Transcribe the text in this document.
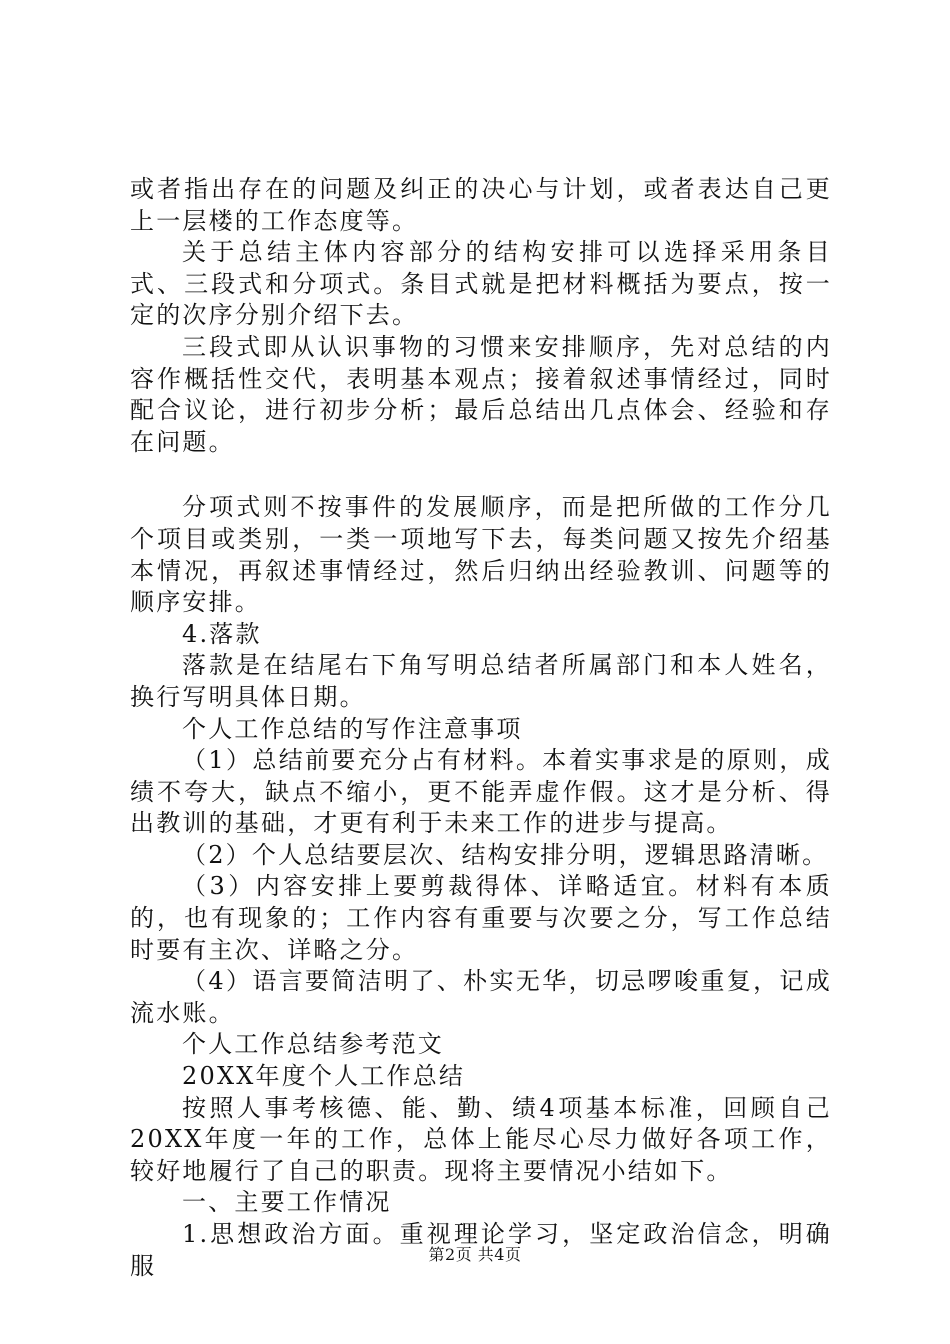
或者指出存在的问题及纠正的决心与计划，或者表达自己更上一层楼的工作态度等。

关于总结主体内容部分的结构安排可以选择采用条目式、三段式和分项式。条目式就是把材料概括为要点，按一定的次序分别介绍下去。

三段式即从认识事物的习惯来安排顺序，先对总结的内容作概括性交代，表明基本观点；接着叙述事情经过，同时配合议论，进行初步分析；最后总结出几点体会、经验和存在问题。

分项式则不按事件的发展顺序，而是把所做的工作分几个项目或类别，一类一项地写下去，每类问题又按先介绍基本情况，再叙述事情经过，然后归纳出经验教训、问题等的顺序安排。

4.落款

落款是在结尾右下角写明总结者所属部门和本人姓名，换行写明具体日期。

个人工作总结的写作注意事项

（1）总结前要充分占有材料。本着实事求是的原则，成绩不夸大，缺点不缩小，更不能弄虚作假。这才是分析、得出教训的基础，才更有利于未来工作的进步与提高。

（2）个人总结要层次、结构安排分明，逻辑思路清晰。

（3）内容安排上要剪裁得体、详略适宜。材料有本质的，也有现象的；工作内容有重要与次要之分，写工作总结时要有主次、详略之分。

（4）语言要简洁明了、朴实无华，切忌啰唆重复，记成流水账。

个人工作总结参考范文

20XX年度个人工作总结

按照人事考核德、能、勤、绩4项基本标准，回顾自己20XX年度一年的工作，总体上能尽心尽力做好各项工作，较好地履行了自己的职责。现将主要情况小结如下。

一、主要工作情况

1.思想政治方面。重视理论学习，坚定政治信念，明确服	第2页 共4页
